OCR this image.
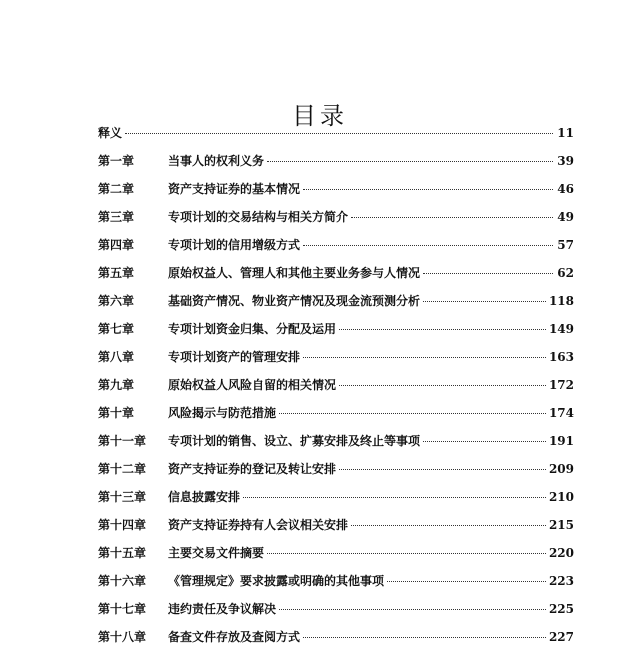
目录
释义	11
第一章	当事人的权利义务	39
第二章	资产支持证券的基本情况	46
第三章	专项计划的交易结构与相关方简介	49
第四章	专项计划的信用增级方式	57
第五章	原始权益人、管理人和其他主要业务参与人情况	62
第六章	基础资产情况、物业资产情况及现金流预测分析	118
第七章	专项计划资金归集、分配及运用	149
第八章	专项计划资产的管理安排	163
第九章	原始权益人风险自留的相关情况	172
第十章	风险揭示与防范措施	174
第十一章	专项计划的销售、设立、扩募安排及终止等事项	191
第十二章	资产支持证券的登记及转让安排	209
第十三章	信息披露安排	210
第十四章	资产支持证券持有人会议相关安排	215
第十五章	主要交易文件摘要	220
第十六章	《管理规定》要求披露或明确的其他事项	223
第十七章	违约责任及争议解决	225
第十八章	备查文件存放及查阅方式	227
